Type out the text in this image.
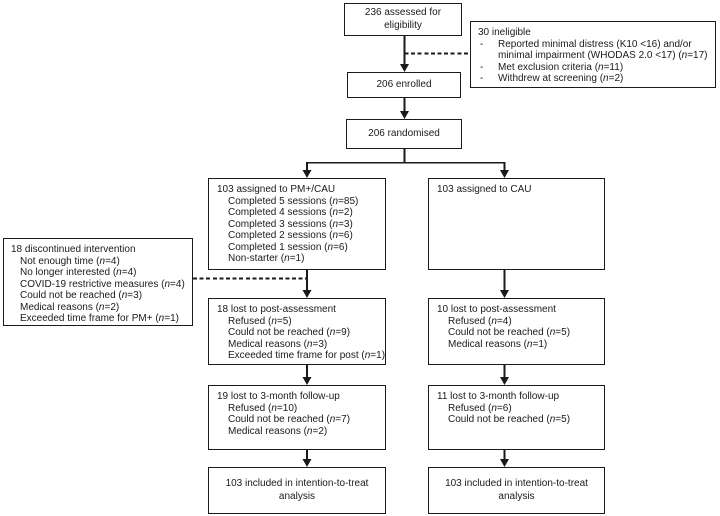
236 assessed for eligibility
30 ineligible
-	Reported minimal distress (K10 <16) and/or
minimal impairment (WHODAS 2.0 <17) (n=17)
-	Met exclusion criteria (n=11)
-	Withdrew at screening (n=2)
206 enrolled
206 randomised
103 assigned to PM+/CAU
Completed 5 sessions (n=85)
Completed 4 sessions (n=2)
Completed 3 sessions (n=3)
Completed 2 sessions (n=6)
Completed 1 session (n=6)
Non-starter (n=1)
18 discontinued intervention
Not enough time (n=4)
No longer interested (n=4)
COVID-19 restrictive measures (n=4)
Could not be reached (n=3)
Medical reasons (n=2)
Exceeded time frame for PM+ (n=1)
18 lost to post-assessment
Refused (n=5)
Could not be reached (n=9)
Medical reasons (n=3)
Exceeded time frame for post (n=1)
19 lost to 3-month follow-up
Refused (n=10)
Could not be reached (n=7)
Medical reasons (n=2)
103 included in intention-to-treat analysis
103 assigned to CAU
10 lost to post-assessment
Refused (n=4)
Could not be reached (n=5)
Medical reasons (n=1)
11 lost to 3-month follow-up
Refused (n=6)
Could not be reached (n=5)
103 included in intention-to-treat analysis
